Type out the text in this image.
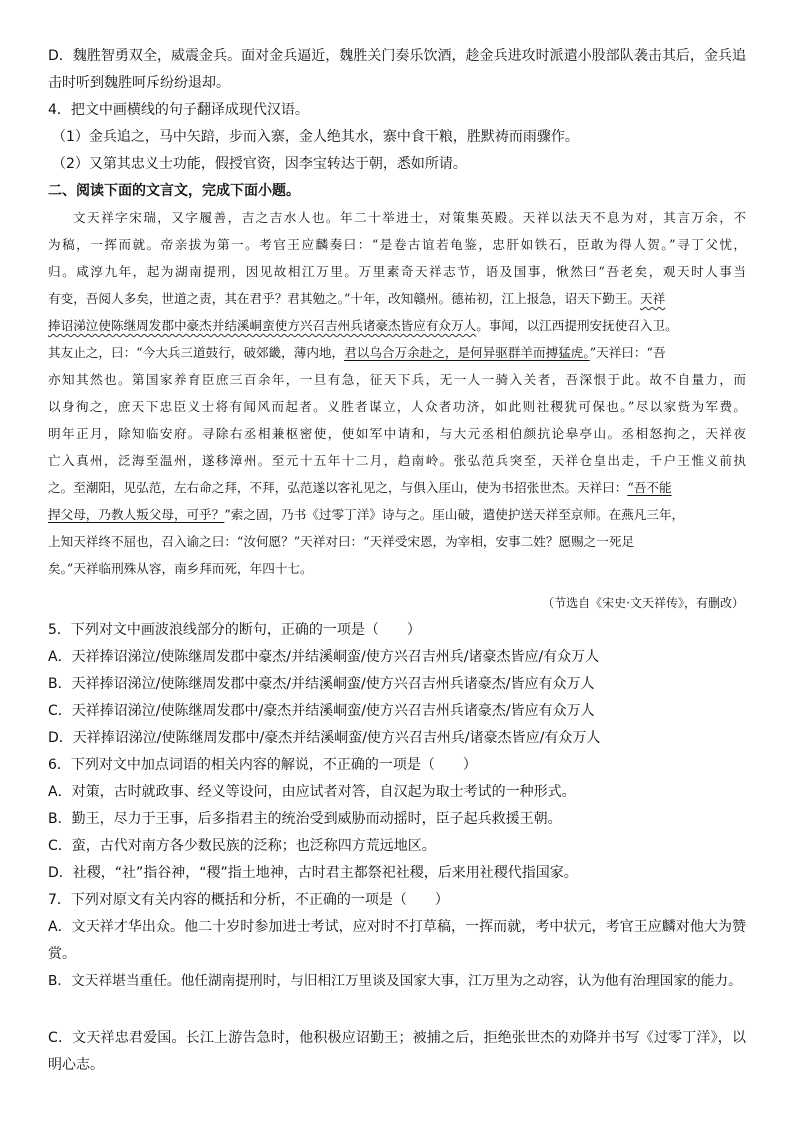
D．魏胜智勇双全，威震金兵。面对金兵逼近，魏胜关门奏乐饮酒，趁金兵进攻时派遣小股部队袭击其后，金兵追
击时听到魏胜呵斥纷纷退却。
4．把文中画横线的句子翻译成现代汉语。
（1）金兵追之，马中矢踣，步而入寨，金人绝其水，寨中食干粮，胜默祷而雨骤作。
（2）又第其忠义士功能，假授官资，因李宝转达于朝，悉如所请。
二、阅读下面的文言文，完成下面小题。
文天祥字宋瑞，又字履善，吉之吉水人也。年二十举进士，对策集英殿。天祥以法天不息为对，其言万余，不
为稿，一挥而就。帝亲拔为第一。考官王应麟奏曰：“是卷古谊若龟鉴，忠肝如铁石，臣敢为得人贺。”寻丁父忧，
归。咸淳九年，起为湖南提刑，因见故相江万里。万里素奇天祥志节，语及国事，愀然曰“吾老矣，观天时人事当
有变，吾阅人多矣，世道之责，其在君乎？君其勉之。”十年，改知赣州。德祐初，江上报急，诏天下勤王。天祥
捧诏涕泣使陈继周发郡中豪杰并结溪峒蛮使方兴召吉州兵诸豪杰皆应有众万人。事闻，以江西提刑安抚使召入卫。
其友止之，曰：“今大兵三道鼓行，破郊畿，薄内地，君以乌合万余赴之，是何异驱群羊而搏猛虎。”天祥曰：“吾
亦知其然也。第国家养育臣庶三百余年，一旦有急，征天下兵，无一人一骑入关者，吾深恨于此。故不自量力，而
以身徇之，庶天下忠臣义士将有闻风而起者。义胜者谋立，人众者功济，如此则社稷犹可保也。”尽以家赀为军费。
明年正月，除知临安府。寻除右丞相兼枢密使，使如军中请和，与大元丞相伯颜抗论皋亭山。丞相怒拘之，天祥夜
亡入真州，泛海至温州，遂移漳州。至元十五年十二月，趋南岭。张弘范兵突至，天祥仓皇出走，千户王惟义前执
之。至潮阳，见弘范，左右命之拜，不拜，弘范遂以客礼见之，与俱入厓山，使为书招张世杰。天祥曰：“吾不能
捍父母，乃教人叛父母，可乎？”索之固，乃书《过零丁洋》诗与之。厓山破，遣使护送天祥至京师。在燕凡三年，
上知天祥终不屈也，召入谕之曰：“汝何愿？”天祥对曰：“天祥受宋恩，为宰相，安事二姓？愿赐之一死足
矣。”天祥临刑殊从容，南乡拜而死，年四十七。
（节选自《宋史·文天祥传》，有删改）
5．下列对文中画波浪线部分的断句，正确的一项是（　　）
A．天祥捧诏涕泣/使陈继周发郡中豪杰/并结溪峒蛮/使方兴召吉州兵/诸豪杰皆应/有众万人
B．天祥捧诏涕泣/使陈继周发郡中豪杰/并结溪峒蛮/使方兴召吉州兵诸豪杰/皆应有众万人
C．天祥捧诏涕泣/使陈继周发郡中/豪杰并结溪峒蛮/使方兴召吉州兵诸豪杰/皆应有众万人
D．天祥捧诏涕泣/使陈继周发郡中/豪杰并结溪峒蛮/使方兴召吉州兵/诸豪杰皆应/有众万人
6．下列对文中加点词语的相关内容的解说，不正确的一项是（　　）
A．对策，古时就政事、经义等设问，由应试者对答，自汉起为取士考试的一种形式。
B．勤王，尽力于王事，后多指君主的统治受到威胁而动摇时，臣子起兵救援王朝。
C．蛮，古代对南方各少数民族的泛称；也泛称四方荒远地区。
D．社稷，“社”指谷神，“稷”指土地神，古时君主都祭祀社稷，后来用社稷代指国家。
7．下列对原文有关内容的概括和分析，不正确的一项是（　　）
A．文天祥才华出众。他二十岁时参加进士考试，应对时不打草稿，一挥而就，考中状元，考官王应麟对他大为赞
赏。
B．文天祥堪当重任。他任湖南提刑时，与旧相江万里谈及国家大事，江万里为之动容，认为他有治理国家的能力。
C．文天祥忠君爱国。长江上游告急时，他积极应诏勤王；被捕之后，拒绝张世杰的劝降并书写《过零丁洋》，以
明心志。
